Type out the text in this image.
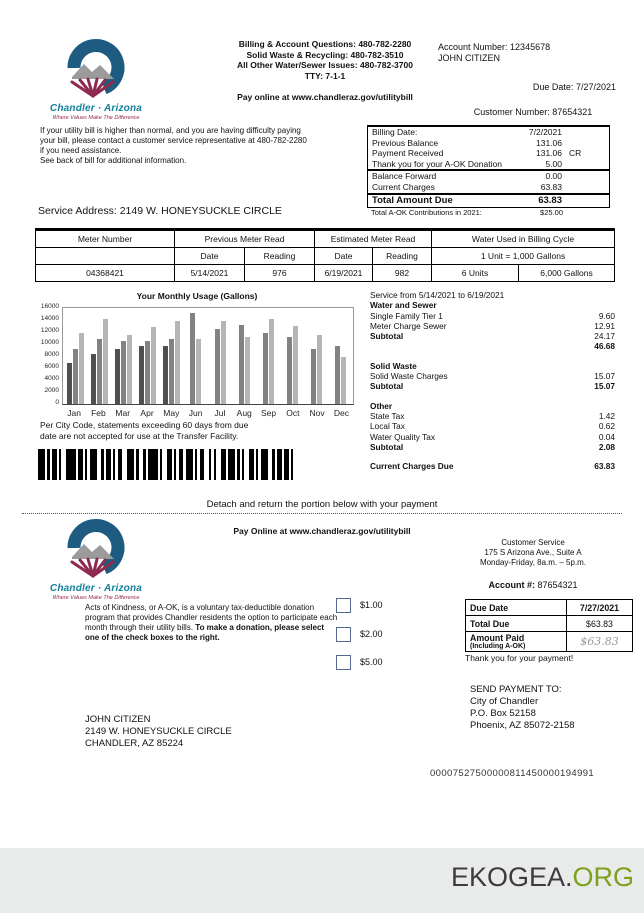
Chandler · Arizona
Where Values Make The Difference
Billing & Account Questions: 480-782-2280
Solid Waste & Recycling: 480-782-3510
All Other Water/Sewer Issues: 480-782-3700
TTY: 7-1-1
Pay online at www.chandleraz.gov/utilitybill
Account Number: 12345678
JOHN CITIZEN
Due Date: 7/27/2021
Customer Number: 87654321
If your utility bill is higher than normal, and you are having difficulty paying
your bill, please contact a customer service representative at 480-782-2280
if you need assistance.
See back of bill for additional information.
Billing Date:	7/2/2021
Previous Balance	131.06
Payment Received	131.06 CR
Thank you for your A-OK Donation	5.00
Balance Forward	0.00
Current Charges	63.83
Total Amount Due	63.83
Total A-OK Contributions in 2021:	$25.00
Service Address: 2149 W. HONEYSUCKLE CIRCLE
Meter Number	Previous Meter Read		Estimated Meter Read		Water Used in Billing Cycle	
	Date	Reading	Date	Reading	1 Unit = 1,000 Gallons	
04368421	5/14/2021	976	6/19/2021	982	6 Units	6,000 Gallons
Your Monthly Usage (Gallons)
16000
14000
12000
10000
8000
6000
4000
2000
0
Jan	Feb	Mar	Apr	May	Jun	Jul	Aug	Sep	Oct	Nov	Dec
Service from 5/14/2021 to 6/19/2021
Water and Sewer
Single Family Tier 1	9.60
Meter Charge Sewer	12.91
Subtotal	24.17
46.68
Solid Waste
Solid Waste Charges	15.07
Subtotal	15.07
Other
State Tax	1.42
Local Tax	0.62
Water Quality Tax	0.04
Subtotal	2.08
Current Charges Due	63.83
Per City Code, statements exceeding 60 days from due
date are not accepted for use at the Transfer Facility.
Detach and return the portion below with your payment
Chandler · Arizona
Where Values Make The Difference
Pay Online at www.chandleraz.gov/utilitybill
Customer Service
175 S Arizona Ave., Suite A
Monday-Friday, 8a.m. – 5p.m.
Account #: 87654321
Acts of Kindness, or A-OK, is a voluntary tax-deductible donation program that provides Chandler residents the option to participate each month through their utility bills. To make a donation, please select one of the check boxes to the right.
$1.00
$2.00
$5.00
Due Date	7/27/2021
Total Due	$63.83

Amount Paid
(Including A-OK)	$63.83
Thank you for your payment!
SEND PAYMENT TO:
City of Chandler
P.O. Box 52158
Phoenix, AZ 85072-2158
JOHN CITIZEN
2149 W. HONEYSUCKLE CIRCLE
CHANDLER, AZ 85224
00007527500000811450000194991
EKOGEA.ORG
